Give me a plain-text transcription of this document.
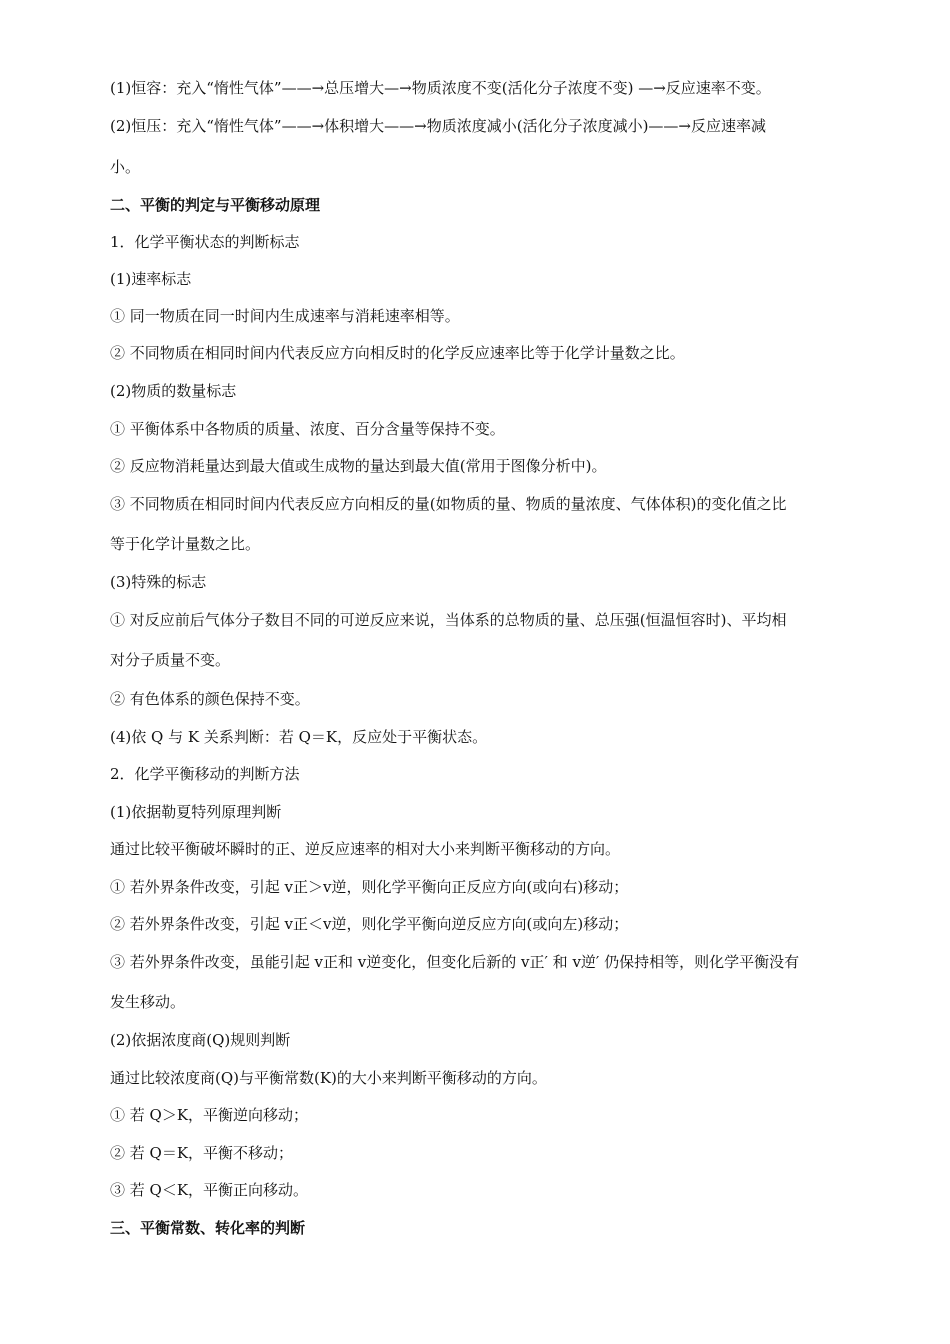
(1)恒容：充入“惰性气体”——→总压增大—→物质浓度不变(活化分子浓度不变) —→反应速率不变。
(2)恒压：充入“惰性气体”——→体积增大——→物质浓度减小(活化分子浓度减小)——→反应速率减
小。
二、平衡的判定与平衡移动原理
1．化学平衡状态的判断标志
(1)速率标志
① 同一物质在同一时间内生成速率与消耗速率相等。
② 不同物质在相同时间内代表反应方向相反时的化学反应速率比等于化学计量数之比。
(2)物质的数量标志
① 平衡体系中各物质的质量、浓度、百分含量等保持不变。
② 反应物消耗量达到最大值或生成物的量达到最大值(常用于图像分析中)。
③ 不同物质在相同时间内代表反应方向相反的量(如物质的量、物质的量浓度、气体体积)的变化值之比
等于化学计量数之比。
(3)特殊的标志
① 对反应前后气体分子数目不同的可逆反应来说，当体系的总物质的量、总压强(恒温恒容时)、平均相
对分子质量不变。
② 有色体系的颜色保持不变。
(4)依 Q 与 K 关系判断：若 Q＝K，反应处于平衡状态。
2．化学平衡移动的判断方法
(1)依据勒夏特列原理判断
通过比较平衡破坏瞬时的正、逆反应速率的相对大小来判断平衡移动的方向。
① 若外界条件改变，引起 v正＞v逆，则化学平衡向正反应方向(或向右)移动；
② 若外界条件改变，引起 v正＜v逆，则化学平衡向逆反应方向(或向左)移动；
③ 若外界条件改变，虽能引起 v正和 v逆变化，但变化后新的 v正′ 和 v逆′ 仍保持相等，则化学平衡没有
发生移动。
(2)依据浓度商(Q)规则判断
通过比较浓度商(Q)与平衡常数(K)的大小来判断平衡移动的方向。
① 若 Q＞K，平衡逆向移动；
② 若 Q＝K，平衡不移动；
③ 若 Q＜K，平衡正向移动。
三、平衡常数、转化率的判断
